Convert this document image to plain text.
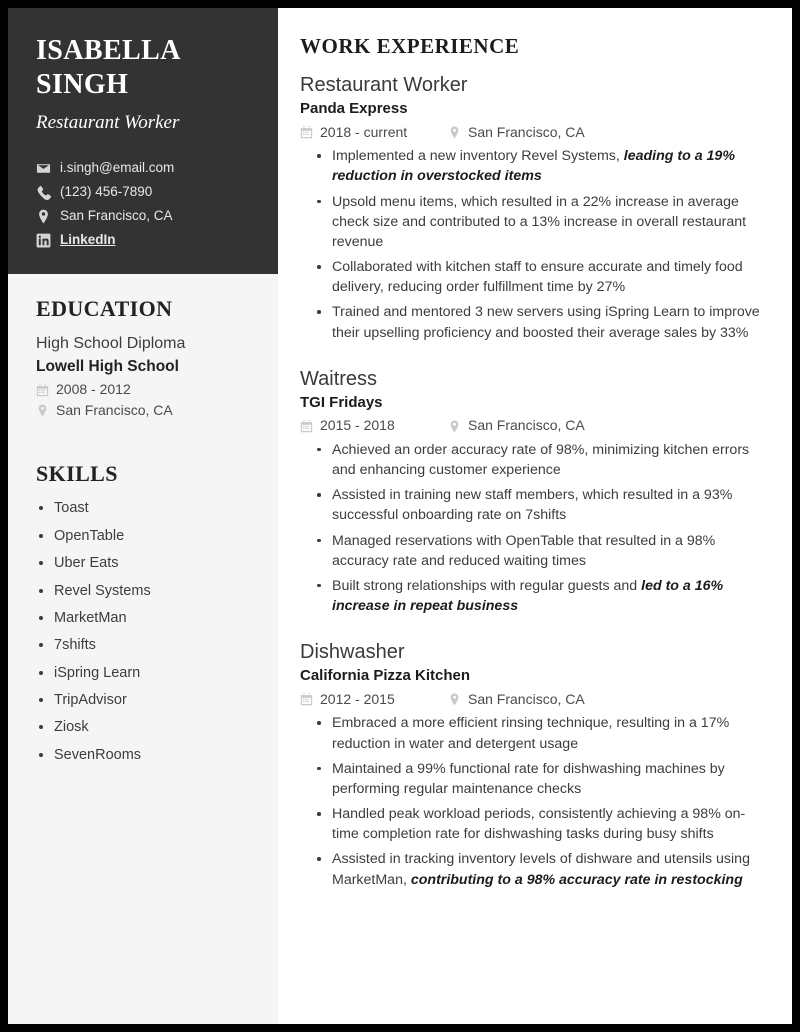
ISABELLA
SINGH
Restaurant Worker
i.singh@email.com
(123) 456-7890
San Francisco, CA
LinkedIn
EDUCATION
High School Diploma
Lowell High School
2008 - 2012
San Francisco, CA
SKILLS
Toast
OpenTable
Uber Eats
Revel Systems
MarketMan
7shifts
iSpring Learn
TripAdvisor
Ziosk
SevenRooms
WORK EXPERIENCE
Restaurant Worker
Panda Express
2018 - current	San Francisco, CA
Implemented a new inventory Revel Systems, leading to a 19% reduction in overstocked items
Upsold menu items, which resulted in a 22% increase in average check size and contributed to a 13% increase in overall restaurant revenue
Collaborated with kitchen staff to ensure accurate and timely food delivery, reducing order fulfillment time by 27%
Trained and mentored 3 new servers using iSpring Learn to improve their upselling proficiency and boosted their average sales by 33%
Waitress
TGI Fridays
2015 - 2018	San Francisco, CA
Achieved an order accuracy rate of 98%, minimizing kitchen errors and enhancing customer experience
Assisted in training new staff members, which resulted in a 93% successful onboarding rate on 7shifts
Managed reservations with OpenTable that resulted in a 98% accuracy rate and reduced waiting times
Built strong relationships with regular guests and led to a 16% increase in repeat business
Dishwasher
California Pizza Kitchen
2012 - 2015	San Francisco, CA
Embraced a more efficient rinsing technique, resulting in a 17% reduction in water and detergent usage
Maintained a 99% functional rate for dishwashing machines by performing regular maintenance checks
Handled peak workload periods, consistently achieving a 98% on-time completion rate for dishwashing tasks during busy shifts
Assisted in tracking inventory levels of dishware and utensils using MarketMan, contributing to a 98% accuracy rate in restocking
